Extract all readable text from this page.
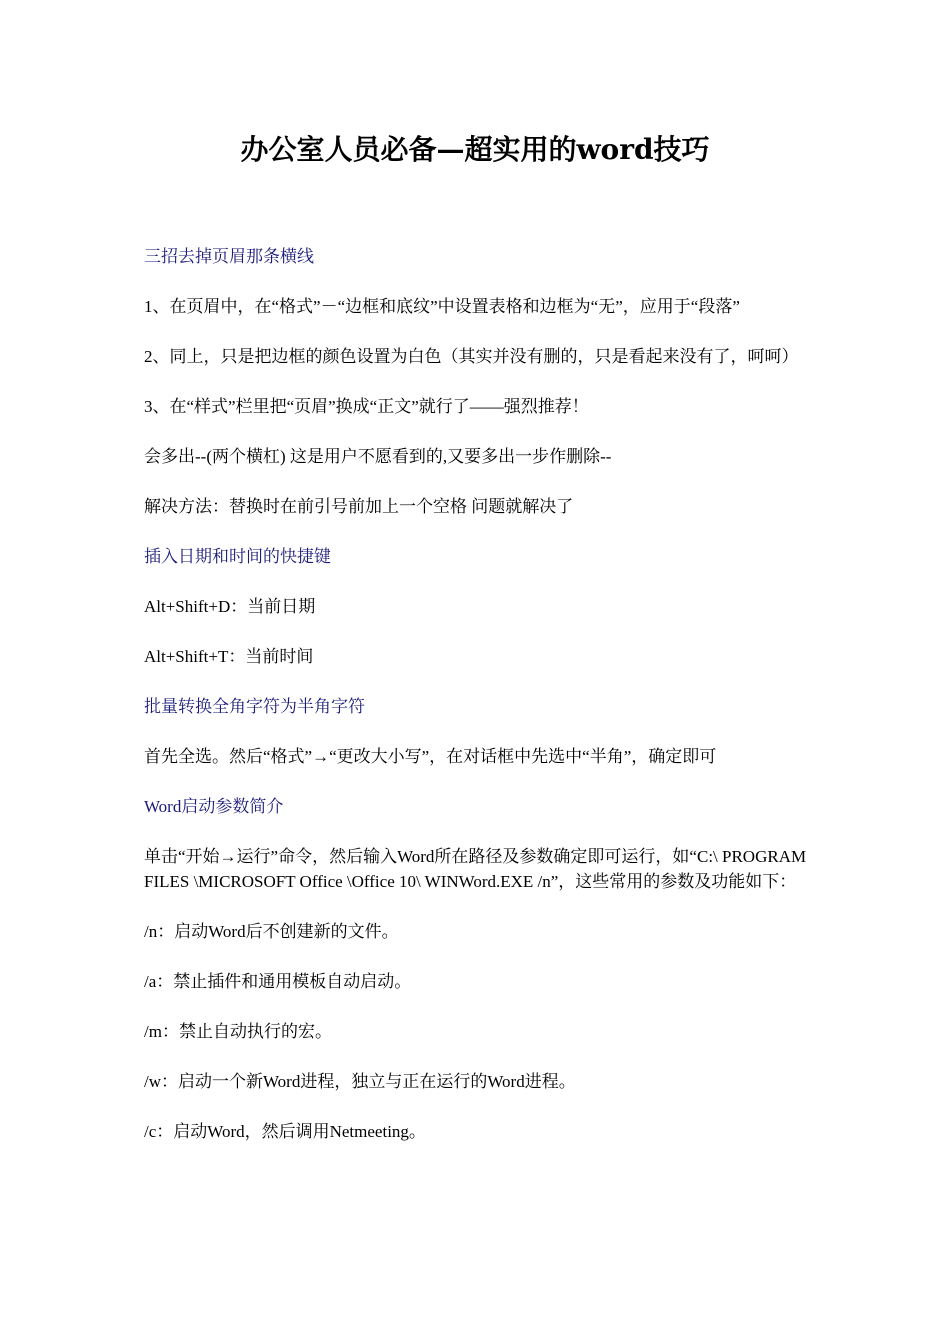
办公室人员必备—超实用的word技巧

三招去掉页眉那条横线

1、在页眉中，在“格式”－“边框和底纹”中设置表格和边框为“无”，应用于“段落”

2、同上，只是把边框的颜色设置为白色（其实并没有删的，只是看起来没有了，呵呵）

3、在“样式”栏里把“页眉”换成“正文”就行了——强烈推荐！

会多出--(两个横杠) 这是用户不愿看到的,又要多出一步作删除--

解决方法：替换时在前引号前加上一个空格 问题就解决了

插入日期和时间的快捷键

Alt+Shift+D：当前日期

Alt+Shift+T：当前时间

批量转换全角字符为半角字符

首先全选。然后“格式”→“更改大小写”，在对话框中先选中“半角”，确定即可

Word启动参数简介

单击“开始→运行”命令，然后输入Word所在路径及参数确定即可运行，如“C:\ PROGRAM FILES \MICROSOFT Office \Office 10\ WINWord.EXE /n”，这些常用的参数及功能如下：

/n：启动Word后不创建新的文件。

/a：禁止插件和通用模板自动启动。

/m：禁止自动执行的宏。

/w：启动一个新Word进程，独立与正在运行的Word进程。

/c：启动Word，然后调用Netmeeting。
